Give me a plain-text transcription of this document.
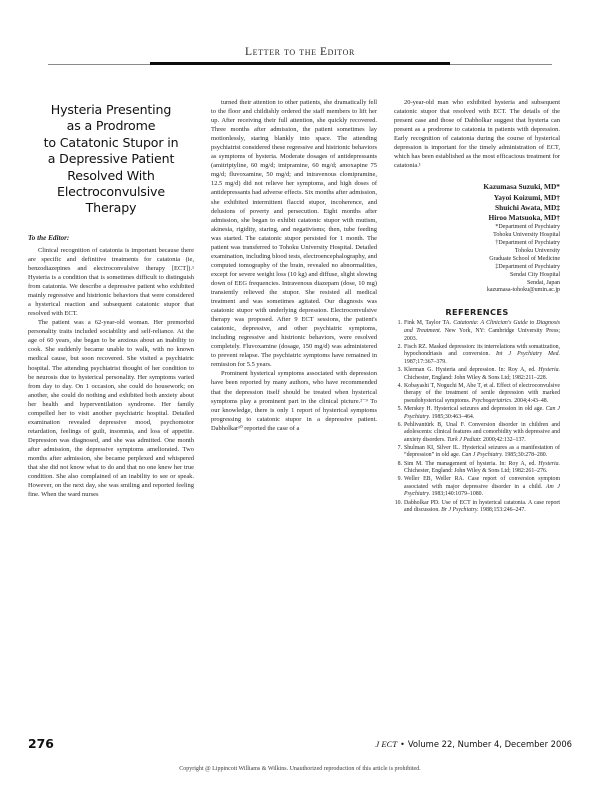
Letter to the Editor
Hysteria Presenting
as a Prodrome
to Catatonic Stupor in
a Depressive Patient
Resolved With
Electroconvulsive
Therapy
To the Editor:

Clinical recognition of catatonia is important because there are specific and definitive treatments for catatonia (ie, benzodiazepines and electroconvulsive therapy [ECT]).¹ Hysteria is a condition that is sometimes difficult to distinguish from catatonia. We describe a depressive patient who exhibited mainly regressive and histrionic behaviors that were considered a hysterical reaction and subsequent catatonic stupor that resolved with ECT.

The patient was a 62-year-old woman. Her premorbid personality traits included sociability and self-reliance. At the age of 60 years, she began to be anxious about an inability to cook. She suddenly became unable to walk, with no known medical cause, but soon recovered. She visited a psychiatric hospital. The attending psychiatrist thought of her condition to be neurosis due to hysterical personality. Her symptoms varied from day to day. On 1 occasion, she could do housework; on another, she could do nothing and exhibited both anxiety about her health and hyperventilation syndrome. Her family compelled her to visit another psychiatric hospital. Detailed examination revealed depressive mood, psychomotor retardation, feelings of guilt, insomnia, and loss of appetite. Depression was diagnosed, and she was admitted. One month after admission, the depressive symptoms ameliorated. Two months after admission, she became perplexed and whispered that she did not know what to do and that no one knew her true condition. She also complained of an inability to see or speak. However, on the next day, she was smiling and reported feeling fine. When the ward nurses

turned their attention to other patients, she dramatically fell to the floor and childishly ordered the staff members to lift her up. After receiving their full attention, she quickly recovered. Three months after admission, the patient sometimes lay motionlessly, staring blankly into space. The attending psychiatrist considered these regressive and histrionic behaviors as symptoms of hysteria. Moderate dosages of antidepressants (amitriptyline, 60 mg/d; imipramine, 60 mg/d; amoxapine 75 mg/d; fluvoxamine, 50 mg/d; and intravenous clomipramine, 12.5 mg/d) did not relieve her symptoms, and high doses of antidepressants had adverse effects. Six months after admission, she exhibited intermittent flaccid stupor, incoherence, and delusions of poverty and persecution. Eight months after admission, she began to exhibit catatonic stupor with mutism, akinesia, rigidity, staring, and negativisms; then, tube feeding was started. The catatonic stupor persisted for 1 month. The patient was transferred to Tohoku University Hospital. Detailed examination, including blood tests, electroencephalography, and computed tomography of the brain, revealed no abnormalities, except for severe weight loss (10 kg) and diffuse, slight slowing down of EEG frequencies. Intravenous diazepam (dose, 10 mg) transiently relieved the stupor. She resisted all medical treatment and was sometimes agitated. Our diagnosis was catatonic stupor with underlying depression. Electroconvulsive therapy was proposed. After 9 ECT sessions, the patient's catatonic, depressive, and other psychiatric symptoms, including regressive and histrionic behaviors, were resolved completely. Fluvoxamine (dosage, 150 mg/d) was administered to prevent relapse. The psychiatric symptoms have remained in remission for 5.5 years.

Prominent hysterical symptoms associated with depression have been reported by many authors, who have recommended that the depression itself should be treated when hysterical symptoms play a prominent part in the clinical picture.²⁻⁹ To our knowledge, there is only 1 report of hysterical symptoms progressing to catatonic stupor in a depressive patient. Dabholkar¹⁰ reported the case of a

20-year-old man who exhibited hysteria and subsequent catatonic stupor that resolved with ECT. The details of the present case and those of Dabholkar suggest that hysteria can present as a prodrome to catatonia in patients with depression. Early recognition of catatonia during the course of hysterical depression is important for the timely administration of ECT, which has been established as the most efficacious treatment for catatonia.¹

Kazumasa Suzuki, MD*
Yayoi Koizumi, MD†
Shuichi Awata, MD‡
Hiroo Matsuoka, MD†
*Department of Psychiatry
Tohoku University Hospital
†Department of Psychiatry
Tohoku University
Graduate School of Medicine
‡Department of Psychiatry
Sendai City Hospital
Sendai, Japan
kazumasa-tohoku@umin.ac.jp
REFERENCES
1. Fink M, Taylor TA. Catatonia: A Clinician's Guide to Diagnosis and Treatment. New York, NY: Cambridge University Press; 2003.
2. Fisch RZ. Masked depression: its interrelations with somatization, hypochondriasis and conversion. Int J Psychiatry Med. 1987;17:367–379.
3. Klerman G. Hysteria and depression. In: Roy A, ed. Hysteria. Chichester, England: John Wiley & Sons Ltd; 1982:211–228.
4. Kobayashi T, Noguchi M, Abe T, et al. Effect of electroconvulsive therapy of the treatment of senile depression with marked pseudohysterical symptoms. Psychogeriatrics. 2004;4:43–48.
5. Merskey H. Hysterical seizures and depression in old age. Can J Psychiatry. 1985;30:463–464.
6. Pehlivantürk B, Unal F. Conversion disorder in children and adolescents: clinical features and comorbidity with depressive and anxiety disorders. Turk J Pediatr. 2000;42:132–137.
7. Shulman KI, Silver IL. Hysterical seizures as a manifestation of “depression” in old age. Can J Psychiatry. 1985;30:278–280.
8. Sim M. The management of hysteria. In: Roy A, ed. Hysteria. Chichester, England: John Wiley & Sons Ltd; 1982:261–276.
9. Weller EB, Weller RA. Case report of conversion symptom associated with major depressive disorder in a child. Am J Psychiatry. 1983;140:1079–1080.
10. Dabholkar PD. Use of ECT in hysterical catatonia. A case report and discussion. Br J Psychiatry. 1988;153:246–247.
276	J ECT • Volume 22, Number 4, December 2006
Copyright @ Lippincott Williams & Wilkins. Unauthorized reproduction of this article is prohibited.
